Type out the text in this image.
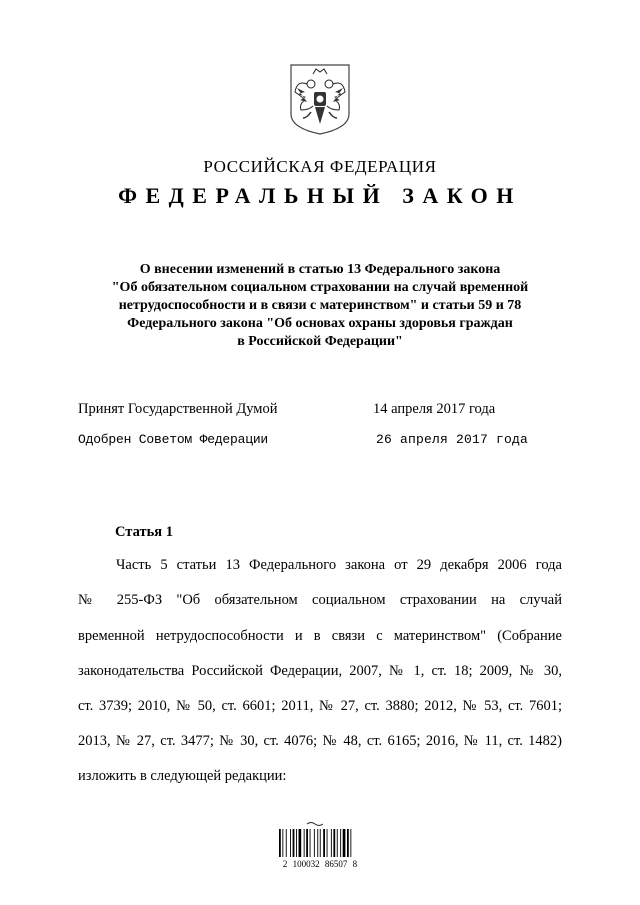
РОССИЙСКАЯ ФЕДЕРАЦИЯ
ФЕДЕРАЛЬНЫЙ ЗАКОН
О внесении изменений в статью 13 Федерального закона
"Об обязательном социальном страховании на случай временной
нетрудоспособности и в связи с материнством" и статьи 59 и 78
Федерального закона "Об основах охраны здоровья граждан
в Российской Федерации"
Принят Государственной Думой	14 апреля 2017 года
Одобрен Советом Федерации	26 апреля 2017 года
Статья 1
Часть 5 статьи 13 Федерального закона от 29 декабря 2006 года
№ 255-ФЗ "Об обязательном социальном страховании на случай
временной нетрудоспособности и в связи с материнством" (Собрание
законодательства Российской Федерации, 2007, № 1, ст. 18; 2009, № 30,
ст. 3739; 2010, № 50, ст. 6601; 2011, № 27, ст. 3880; 2012, № 53, ст. 7601;
2013, № 27, ст. 3477; № 30, ст. 4076; № 48, ст. 6165; 2016, № 11, ст. 1482)
изложить в следующей редакции:
2 100032 86507 8
